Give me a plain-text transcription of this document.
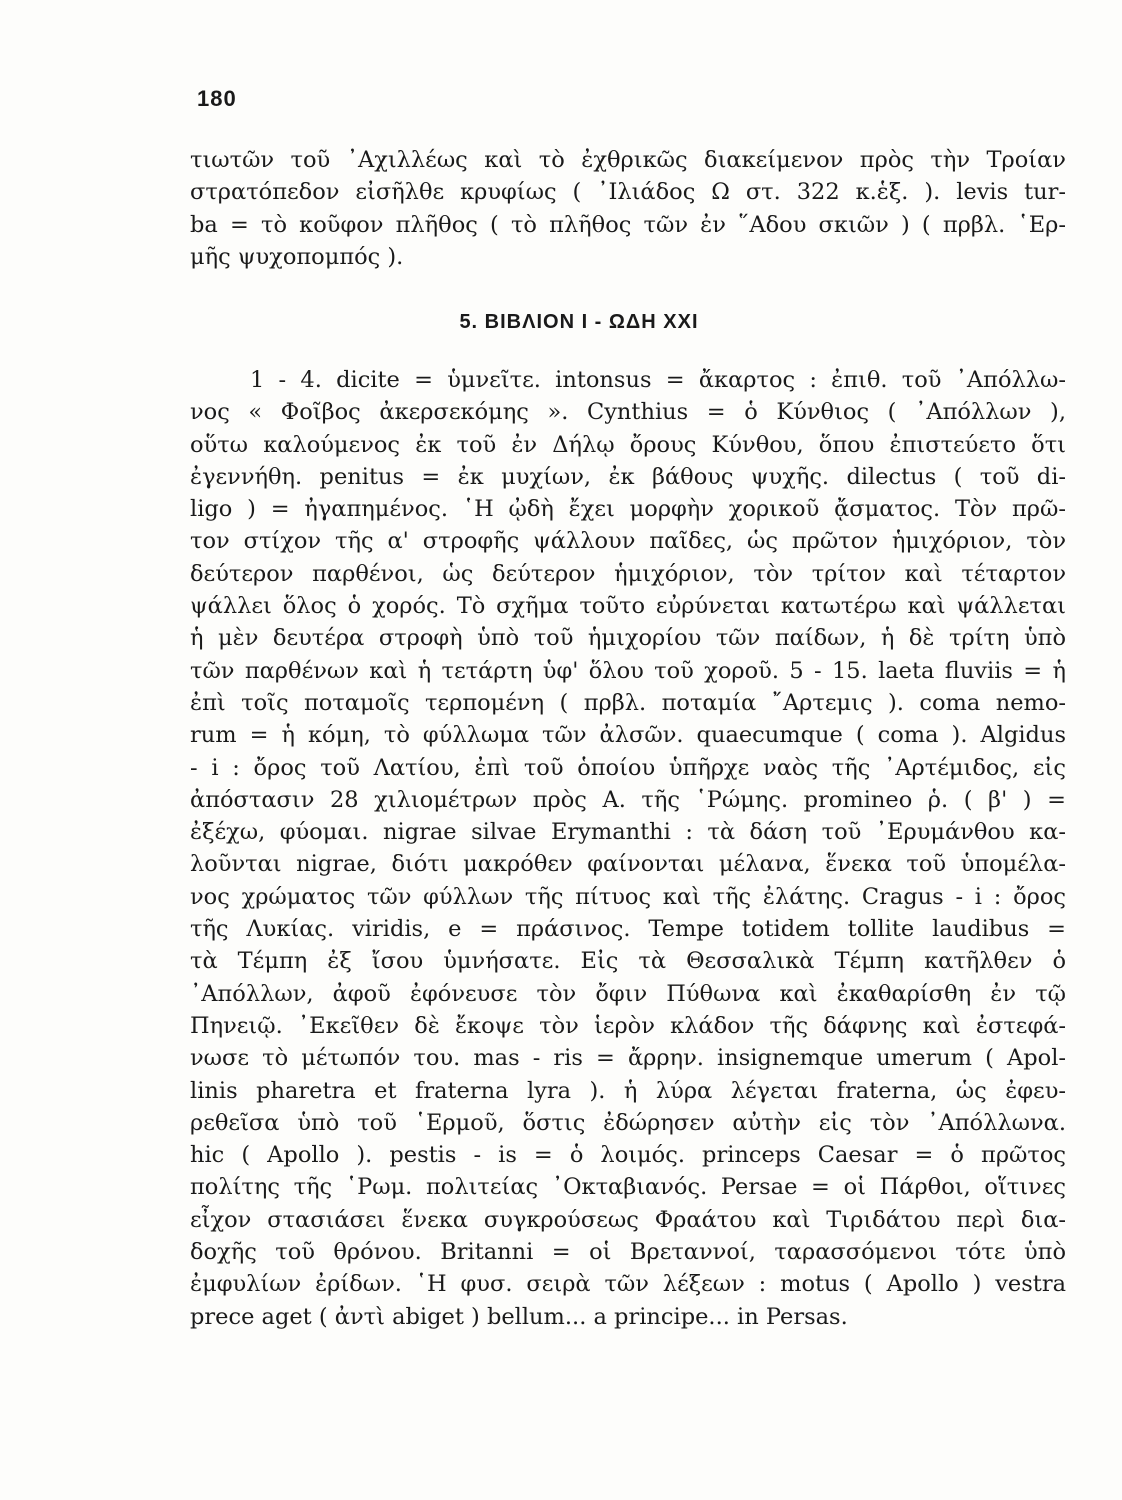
180
τιωτῶν τοῦ ᾿Αχιλλέως καὶ τὸ ἐχθρικῶς διακείμενον πρὸς τὴν Τροίαν
στρατόπεδον εἰσῆλθε κρυφίως ( ᾿Ιλιάδος Ω στ. 322 κ.ἑξ. ). levis tur-
ba = τὸ κοῦφον πλῆθος ( τὸ πλῆθος τῶν ἐν ῞Αδου σκιῶν ) ( πρβλ. ῾Ερ-
μῆς ψυχοπομπός ).
5. ΒΙΒΛΙΟΝ Ι - ΩΔΗ XXI
1 - 4. dicite = ὑμνεῖτε. intonsus = ἄκαρτος : ἐπιθ. τοῦ ᾿Απόλλω-
νος « Φοῖβος ἀκερσεκόμης ». Cynthius = ὁ Κύνθιος ( ᾿Απόλλων ),
οὕτω καλούμενος ἐκ τοῦ ἐν Δήλῳ ὄρους Κύνθου, ὅπου ἐπιστεύετο ὅτι
ἐγεννήθη. penitus = ἐκ μυχίων, ἐκ βάθους ψυχῆς. dilectus ( τοῦ di-
ligo ) = ἠγαπημένος. ῾Η ᾠδὴ ἔχει μορφὴν χορικοῦ ᾄσματος. Τὸν πρῶ-
τον στίχον τῆς α' στροφῆς ψάλλουν παῖδες, ὡς πρῶτον ἡμιχόριον, τὸν
δεύτερον παρθένοι, ὡς δεύτερον ἡμιχόριον, τὸν τρίτον καὶ τέταρτον
ψάλλει ὅλος ὁ χορός. Τὸ σχῆμα τοῦτο εὐρύνεται κατωτέρω καὶ ψάλλεται
ἡ μὲν δευτέρα στροφὴ ὑπὸ τοῦ ἡμιχορίου τῶν παίδων, ἡ δὲ τρίτη ὑπὸ
τῶν παρθένων καὶ ἡ τετάρτη ὑφ' ὅλου τοῦ χοροῦ. 5 - 15. laeta fluviis = ἡ
ἐπὶ τοῖς ποταμοῖς τερπομένη ( πρβλ. ποταμία ῎Αρτεμις ). coma nemo-
rum = ἡ κόμη, τὸ φύλλωμα τῶν ἀλσῶν. quaecumque ( coma ). Algidus
- i : ὄρος τοῦ Λατίου, ἐπὶ τοῦ ὁποίου ὑπῆρχε ναὸς τῆς ᾿Αρτέμιδος, εἰς
ἀπόστασιν 28 χιλιομέτρων πρὸς Α. τῆς ῾Ρώμης. promineo ῥ. ( β' ) =
ἐξέχω, φύομαι. nigrae silvae Erymanthi : τὰ δάση τοῦ ᾿Ερυμάνθου κα-
λοῦνται nigrae, διότι μακρόθεν φαίνονται μέλανα, ἕνεκα τοῦ ὑπομέλα-
νος χρώματος τῶν φύλλων τῆς πίτυος καὶ τῆς ἐλάτης. Cragus - i : ὄρος
τῆς Λυκίας. viridis, e = πράσινος. Tempe totidem tollite laudibus =
τὰ Τέμπη ἐξ ἴσου ὑμνήσατε. Εἰς τὰ Θεσσαλικὰ Τέμπη κατῆλθεν ὁ
᾿Απόλλων, ἀφοῦ ἐφόνευσε τὸν ὄφιν Πύθωνα καὶ ἐκαθαρίσθη ἐν τῷ
Πηνειῷ. ᾿Εκεῖθεν δὲ ἔκοψε τὸν ἱερὸν κλάδον τῆς δάφνης καὶ ἐστεφά-
νωσε τὸ μέτωπόν του. mas - ris = ἄρρην. insignemque umerum ( Apol-
linis pharetra et fraterna lyra ). ἡ λύρα λέγεται fraterna, ὡς ἐφευ-
ρεθεῖσα ὑπὸ τοῦ ῾Ερμοῦ, ὅστις ἐδώρησεν αὐτὴν εἰς τὸν ᾿Απόλλωνα.
hic ( Apollo ). pestis - is = ὁ λοιμός. princeps Caesar = ὁ πρῶτος
πολίτης τῆς ῾Ρωμ. πολιτείας ᾿Οκταβιανός. Persae = οἱ Πάρθοι, οἵτινες
εἶχον στασιάσει ἕνεκα συγκρούσεως Φραάτου καὶ Τιριδάτου περὶ δια-
δοχῆς τοῦ θρόνου. Britanni = οἱ Βρεταννοί, ταρασσόμενοι τότε ὑπὸ
ἐμφυλίων ἐρίδων. ῾Η φυσ. σειρὰ τῶν λέξεων : motus ( Apollo ) vestra
prece aget ( ἀντὶ abiget ) bellum... a principe... in Persas.
